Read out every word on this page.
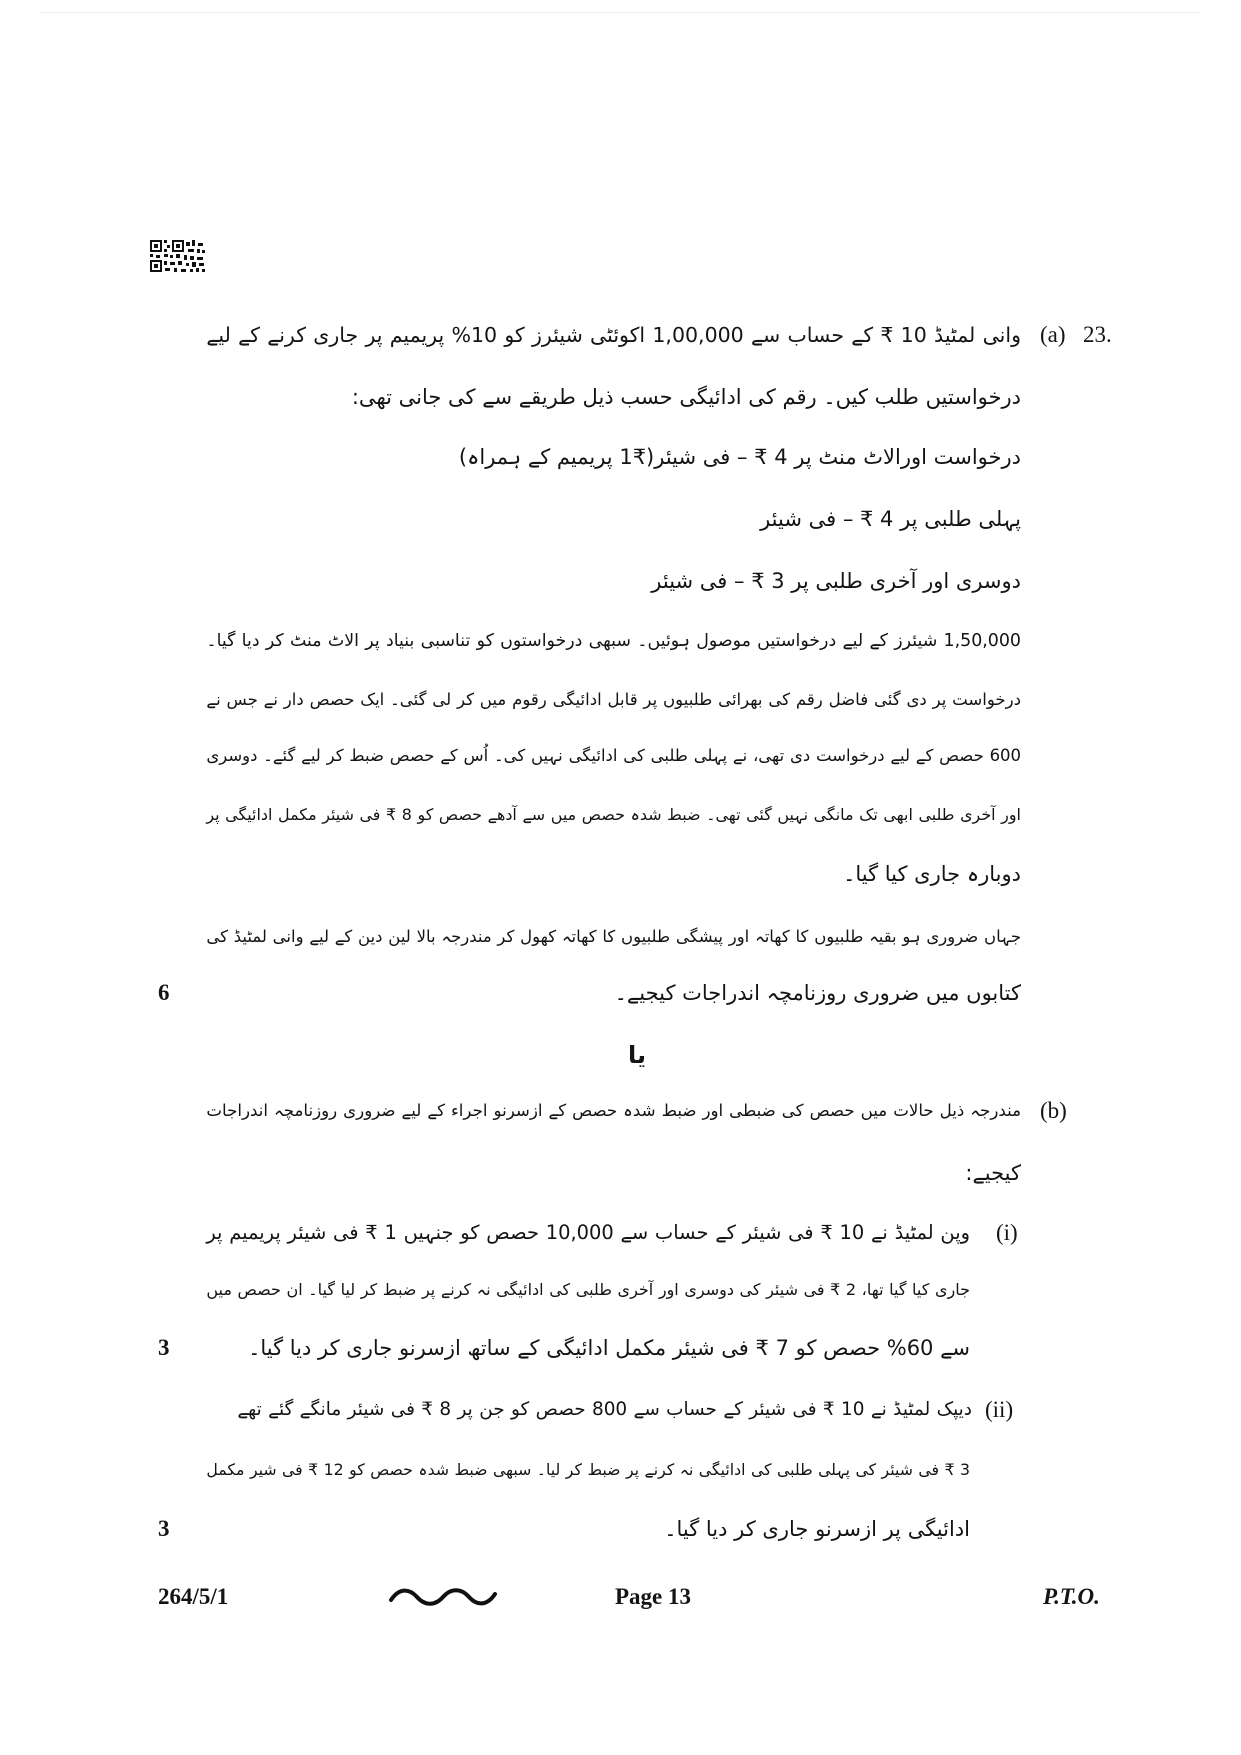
23.
(a)
وانی لمٹیڈ 10 ₹ کے حساب سے 1,00,000 اکوئٹی شیئرز کو 10% پریمیم پر جاری کرنے کے لیے
درخواستیں طلب کیں۔ رقم کی ادائیگی حسب ذیل طریقے سے کی جانی تھی:
درخواست اورالاٹ منٹ پر 4 ₹ – فی شیئر(₹1 پریمیم کے ہمراہ)
پہلی طلبی پر 4 ₹ – فی شیئر
دوسری اور آخری طلبی پر 3 ₹ – فی شیئر
1,50,000 شیئرز کے لیے درخواستیں موصول ہوئیں۔ سبھی درخواستوں کو تناسبی بنیاد پر الاٹ منٹ کر دیا گیا۔
درخواست پر دی گئی فاضل رقم کی بھرائی طلبیوں پر قابل ادائیگی رقوم میں کر لی گئی۔ ایک حصص دار نے جس نے
600 حصص کے لیے درخواست دی تھی، نے پہلی طلبی کی ادائیگی نہیں کی۔ اُس کے حصص ضبط کر لیے گئے۔ دوسری
اور آخری طلبی ابھی تک مانگی نہیں گئی تھی۔ ضبط شدہ حصص میں سے آدھے حصص کو 8 ₹ فی شیئر مکمل ادائیگی پر
دوبارہ جاری کیا گیا۔
جہاں ضروری ہو بقیہ طلبیوں کا کھاتہ اور پیشگی طلبیوں کا کھاتہ کھول کر مندرجہ بالا لین دین کے لیے وانی لمٹیڈ کی
کتابوں میں ضروری روزنامچہ اندراجات کیجیے۔
6
یا
(b)
مندرجہ ذیل حالات میں حصص کی ضبطی اور ضبط شدہ حصص کے ازسرنو اجراء کے لیے ضروری روزنامچہ اندراجات
کیجیے:
(i)
وپن لمٹیڈ نے 10 ₹ فی شیئر کے حساب سے 10,000 حصص کو جنہیں 1 ₹ فی شیئر پریمیم پر
جاری کیا گیا تھا، 2 ₹ فی شیئر کی دوسری اور آخری طلبی کی ادائیگی نہ کرنے پر ضبط کر لیا گیا۔ ان حصص میں
سے 60% حصص کو 7 ₹ فی شیئر مکمل ادائیگی کے ساتھ ازسرنو جاری کر دیا گیا۔
3
(ii)
دیپک لمٹیڈ نے 10 ₹ فی شیئر کے حساب سے 800 حصص کو جن پر 8 ₹ فی شیئر مانگے گئے تھے
3 ₹ فی شیئر کی پہلی طلبی کی ادائیگی نہ کرنے پر ضبط کر لیا۔ سبھی ضبط شدہ حصص کو 12 ₹ فی شیر مکمل
ادائیگی پر ازسرنو جاری کر دیا گیا۔
3
264/5/1	Page 13	P.T.O.
